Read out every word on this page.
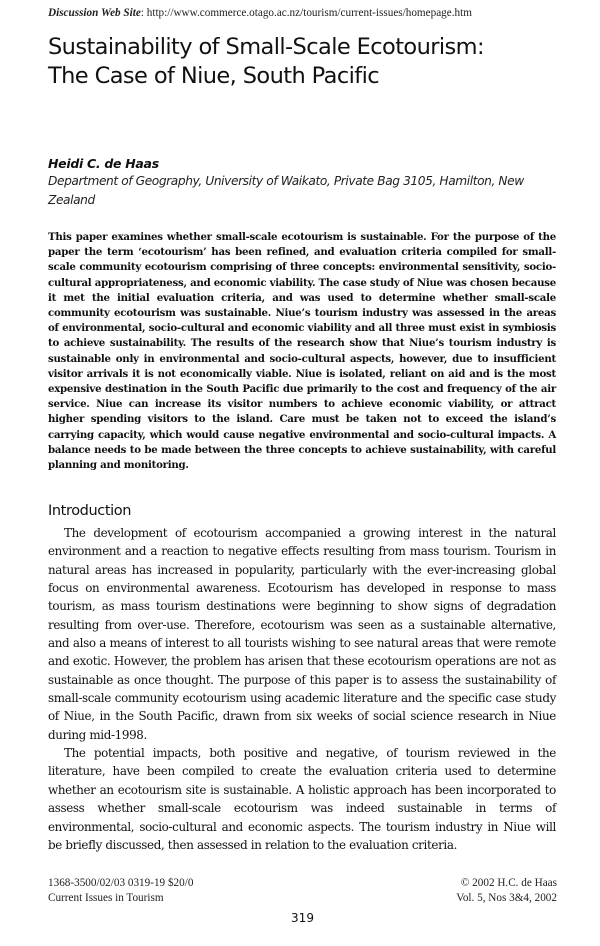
Discussion Web Site: http://www.commerce.otago.ac.nz/tourism/current-issues/homepage.htm
Sustainability of Small-Scale Ecotourism:
The Case of Niue, South Pacific
Heidi C. de Haas
Department of Geography, University of Waikato, Private Bag 3105, Hamilton, New Zealand

This paper examines whether small-scale ecotourism is sustainable. For the purpose of the paper the term ‘ecotourism’ has been refined, and evaluation criteria compiled for small-scale community ecotourism comprising of three concepts: environmental sensitivity, socio-cultural appropriateness, and economic viability. The case study of Niue was chosen because it met the initial evaluation criteria, and was used to determine whether small-scale community ecotourism was sustainable. Niue’s tourism industry was assessed in the areas of environmental, socio-cultural and economic viability and all three must exist in symbiosis to achieve sustainability. The results of the research show that Niue’s tourism industry is sustainable only in environmental and socio-cultural aspects, however, due to insufficient visitor arrivals it is not economically viable. Niue is isolated, reliant on aid and is the most expensive destination in the South Pacific due primarily to the cost and frequency of the air service. Niue can increase its visitor numbers to achieve economic viability, or attract higher spending visitors to the island. Care must be taken not to exceed the island’s carrying capacity, which would cause negative environmental and socio-cultural impacts. A balance needs to be made between the three concepts to achieve sustainability, with careful planning and monitoring.

Introduction

The development of ecotourism accompanied a growing interest in the natural environment and a reaction to negative effects resulting from mass tourism. Tourism in natural areas has increased in popularity, particularly with the ever-increasing global focus on environmental awareness. Ecotourism has developed in response to mass tourism, as mass tourism destinations were beginning to show signs of degradation resulting from over-use. Therefore, ecotourism was seen as a sustainable alternative, and also a means of interest to all tourists wishing to see natural areas that were remote and exotic. However, the problem has arisen that these ecotourism operations are not as sustainable as once thought. The purpose of this paper is to assess the sustainability of small-scale community ecotourism using academic literature and the specific case study of Niue, in the South Pacific, drawn from six weeks of social science research in Niue during mid-1998.

The potential impacts, both positive and negative, of tourism reviewed in the literature, have been compiled to create the evaluation criteria used to determine whether an ecotourism site is sustainable. A holistic approach has been incorporated to assess whether small-scale ecotourism was indeed sustainable in terms of environmental, socio-cultural and economic aspects. The tourism industry in Niue will be briefly discussed, then assessed in relation to the evaluation criteria.

1368-3500/02/03 0319-19 $20/0
Current Issues in Tourism
© 2002 H.C. de Haas
Vol. 5, Nos 3&4, 2002
319
